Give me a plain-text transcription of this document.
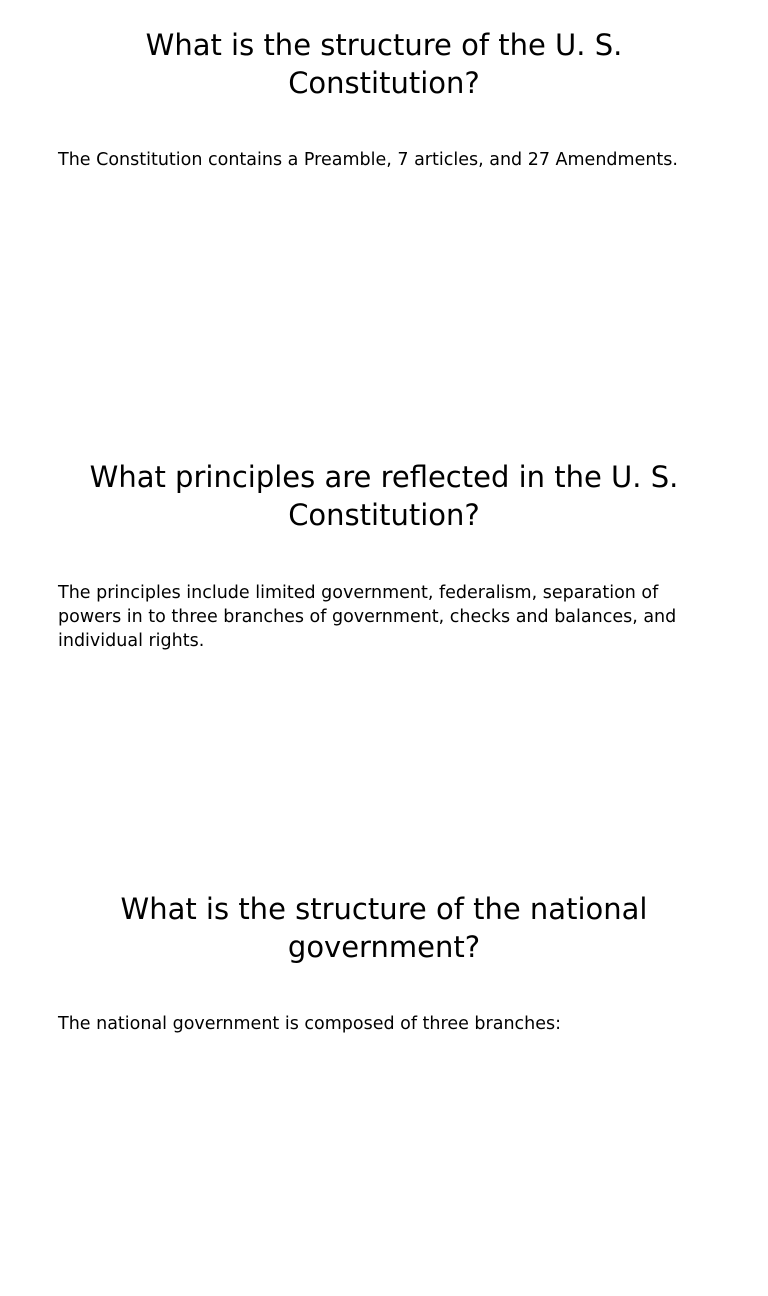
What is the structure of the U. S. Constitution?

The Constitution contains a Preamble, 7 articles, and 27 Amendments.

What principles are reflected in the U. S. Constitution?

The principles include limited government, federalism, separation of powers in to three branches of government, checks and balances, and individual rights.

What is the structure of the national government?

The national government is composed of three branches:
